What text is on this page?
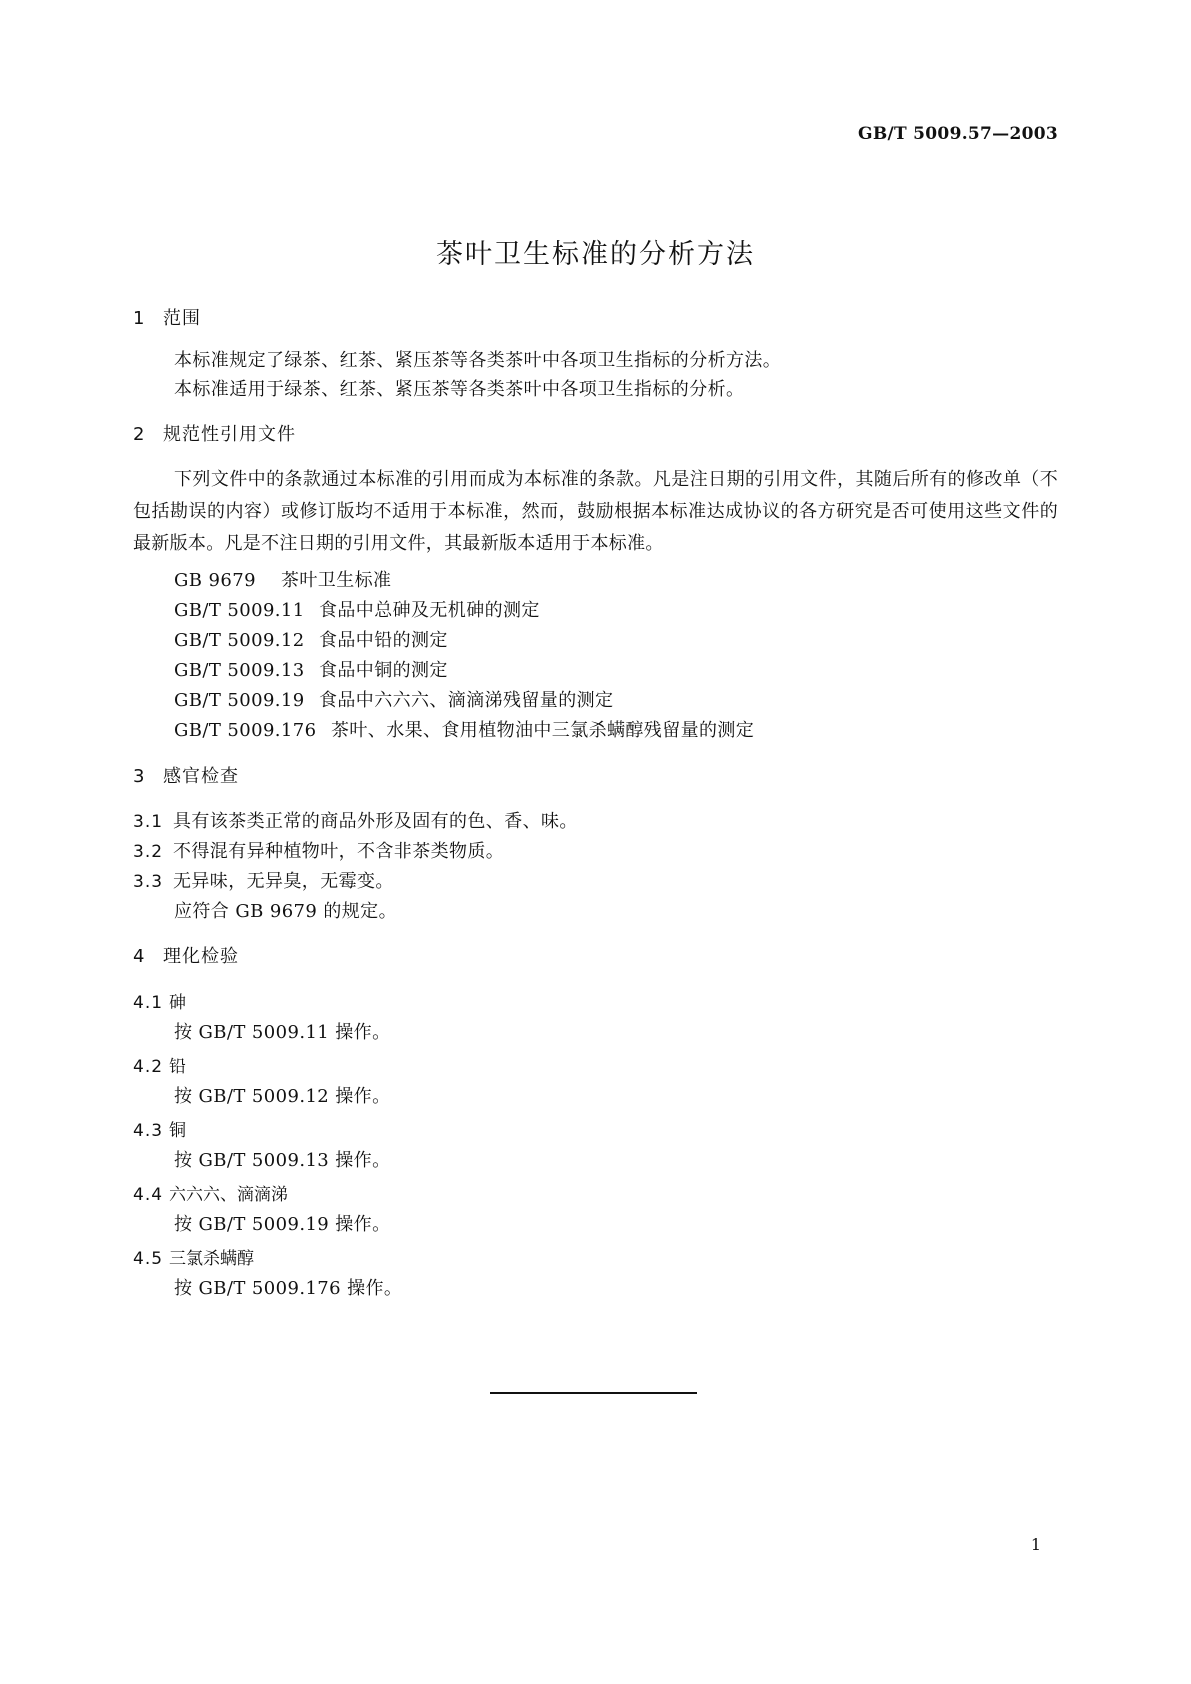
GB/T 5009.57—2003
茶叶卫生标准的分析方法
1 范围
本标准规定了绿茶、红茶、紧压茶等各类茶叶中各项卫生指标的分析方法。
本标准适用于绿茶、红茶、紧压茶等各类茶叶中各项卫生指标的分析。
2 规范性引用文件
下列文件中的条款通过本标准的引用而成为本标准的条款。凡是注日期的引用文件，其随后所有的修改单（不包括勘误的内容）或修订版均不适用于本标准，然而，鼓励根据本标准达成协议的各方研究是否可使用这些文件的最新版本。凡是不注日期的引用文件，其最新版本适用于本标准。
GB 9679 茶叶卫生标准
GB/T 5009.11 食品中总砷及无机砷的测定
GB/T 5009.12 食品中铅的测定
GB/T 5009.13 食品中铜的测定
GB/T 5009.19 食品中六六六、滴滴涕残留量的测定
GB/T 5009.176 茶叶、水果、食用植物油中三氯杀螨醇残留量的测定
3 感官检查
3.1 具有该茶类正常的商品外形及固有的色、香、味。
3.2 不得混有异种植物叶，不含非茶类物质。
3.3 无异味，无异臭，无霉变。
应符合 GB 9679 的规定。
4 理化检验
4.1 砷
按 GB/T 5009.11 操作。
4.2 铅
按 GB/T 5009.12 操作。
4.3 铜
按 GB/T 5009.13 操作。
4.4 六六六、滴滴涕
按 GB/T 5009.19 操作。
4.5 三氯杀螨醇
按 GB/T 5009.176 操作。
1
